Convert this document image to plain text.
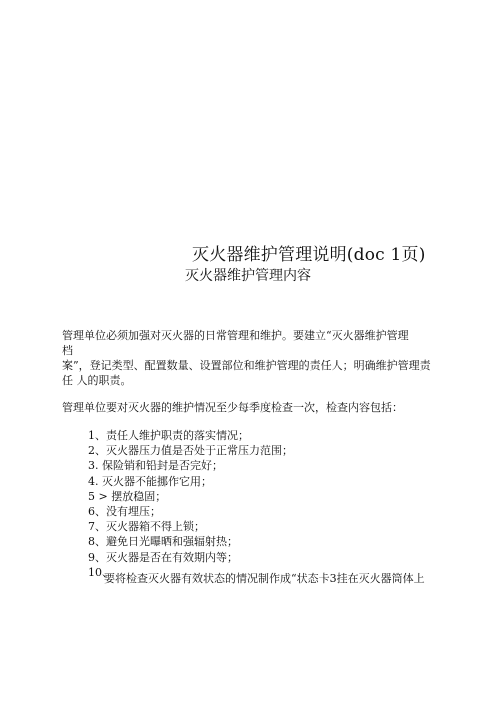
灭火器维护管理说明(doc 1页)
灭火器维护管理内容
管理单位必须加强对灭火器的日常管理和维护。要建立“灭火器维护管理
档
案”，登记类型、配置数量、设置部位和维护管理的责任人；明确维护管理责
任 人的职责。
管理单位要对灭火器的维护情况至少每季度检查一次，检查内容包括：
1、责任人维护职责的落实情况；
2、灭火器压力值是否处于正常压力范围；
3. 保险销和铅封是否完好；
4. 灭火器不能挪作它用；
5 > 摆放稳固；
6、没有埋压；
7、灭火器箱不得上锁；
8、避免日光曝晒和强辐射热；
9、灭火器是否在有效期内等；
10、
要将检查灭火器有效状态的情况制作成“状态卡3挂在灭火器筒体上
